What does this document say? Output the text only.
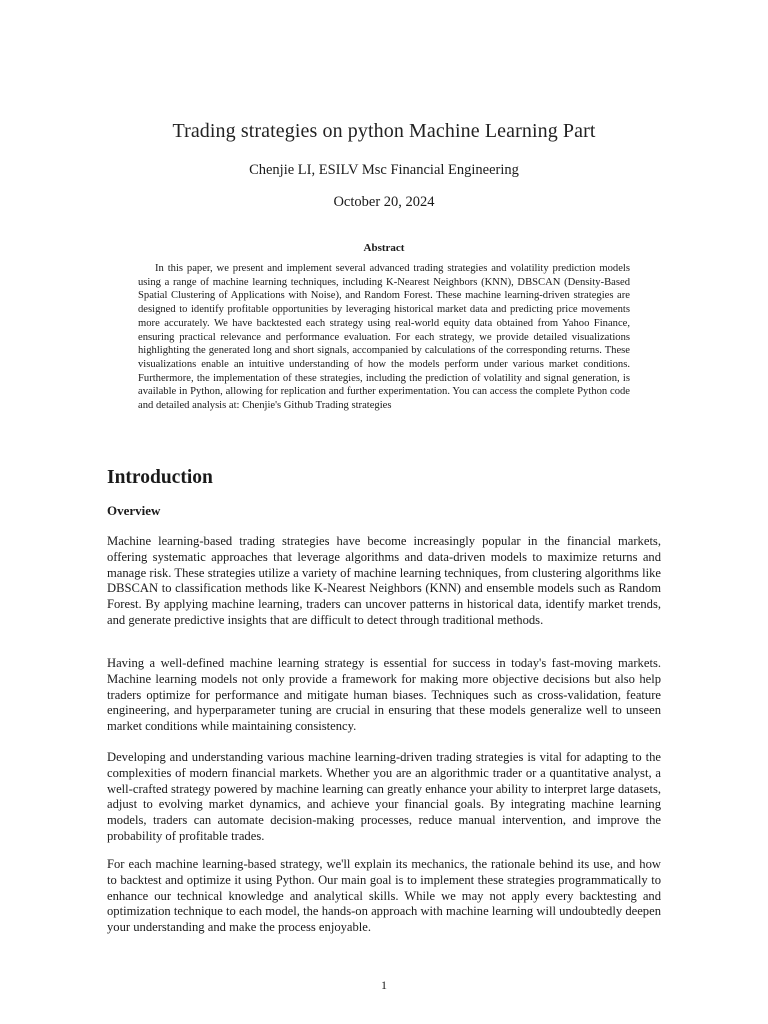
Trading strategies on python Machine Learning Part
Chenjie LI, ESILV Msc Financial Engineering
October 20, 2024
Abstract
In this paper, we present and implement several advanced trading strategies and volatility prediction models using a range of machine learning techniques, including K-Nearest Neighbors (KNN), DBSCAN (Density-Based Spatial Clustering of Applications with Noise), and Random Forest. These machine learning-driven strategies are designed to identify profitable opportunities by leveraging historical market data and predicting price movements more accurately. We have backtested each strategy using real-world equity data obtained from Yahoo Finance, ensuring practical relevance and performance evaluation. For each strategy, we provide detailed visualizations highlighting the generated long and short signals, accompanied by calculations of the corresponding returns. These visualizations enable an intuitive understanding of how the models perform under various market conditions. Furthermore, the implementation of these strategies, including the prediction of volatility and signal generation, is available in Python, allowing for replication and further experimentation. You can access the complete Python code and detailed analysis at: Chenjie's Github Trading strategies
Introduction
Overview

Machine learning-based trading strategies have become increasingly popular in the financial markets, offering systematic approaches that leverage algorithms and data-driven models to maximize returns and manage risk. These strategies utilize a variety of machine learning techniques, from clustering algorithms like DBSCAN to classification methods like K-Nearest Neighbors (KNN) and ensemble models such as Random Forest. By applying machine learning, traders can uncover patterns in historical data, identify market trends, and generate predictive insights that are difficult to detect through traditional methods.

Having a well-defined machine learning strategy is essential for success in today's fast-moving markets. Machine learning models not only provide a framework for making more objective decisions but also help traders optimize for performance and mitigate human biases. Techniques such as cross-validation, feature engineering, and hyperparameter tuning are crucial in ensuring that these models generalize well to unseen market conditions while maintaining consistency.

Developing and understanding various machine learning-driven trading strategies is vital for adapting to the complexities of modern financial markets. Whether you are an algorithmic trader or a quantitative analyst, a well-crafted strategy powered by machine learning can greatly enhance your ability to interpret large datasets, adjust to evolving market dynamics, and achieve your financial goals. By integrating machine learning models, traders can automate decision-making processes, reduce manual intervention, and improve the probability of profitable trades.

For each machine learning-based strategy, we'll explain its mechanics, the rationale behind its use, and how to backtest and optimize it using Python. Our main goal is to implement these strategies programmatically to enhance our technical knowledge and analytical skills. While we may not apply every backtesting and optimization technique to each model, the hands-on approach with machine learning will undoubtedly deepen your understanding and make the process enjoyable.

1
